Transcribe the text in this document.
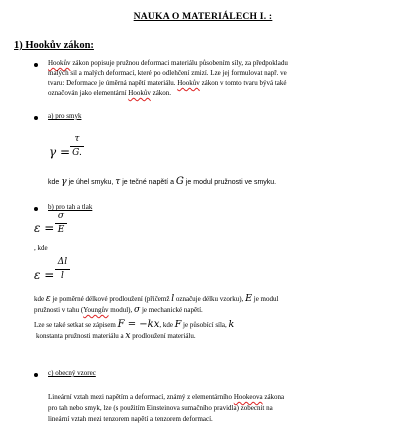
NAUKA O MATERIÁLECH I. :
1) Hookův zákon:
Hookův zákon popisuje pružnou deformaci materiálu působením síly, za předpokladu
malých sil a malých deformací, které po odlehčení zmizí. Lze jej formulovat např. ve
tvaru: Deformace je úměrná napětí materiálu. Hookův zákon v tomto tvaru bývá také
označován jako elementární Hookův zákon.
a) pro smyk
γ =
τ
G.
kde γ je úhel smyku, τ je tečné napětí a G je modul pružnosti ve smyku.
b) pro tah a tlak
ε =
σ
E
, kde
ε =
Δl
l
kde ε je poměrné délkové prodloužení (přičemž l označuje délku vzorku), E je modul
pružnosti v tahu (Youngův modul), σ je mechanické napětí.
Lze se také setkat se zápisem F = −kx, kde F je působící síla, k
konstanta pružnosti materiálu a x prodloužení materiálu.
c) obecný vzorec
Lineární vztah mezi napětím a deformací, známý z elementárního Hookeova zákona
pro tah nebo smyk, lze (s použitím Einsteinova sumačního pravidla) zobecnit na
lineární vztah mezi tenzorem napětí a tenzorem deformací.
